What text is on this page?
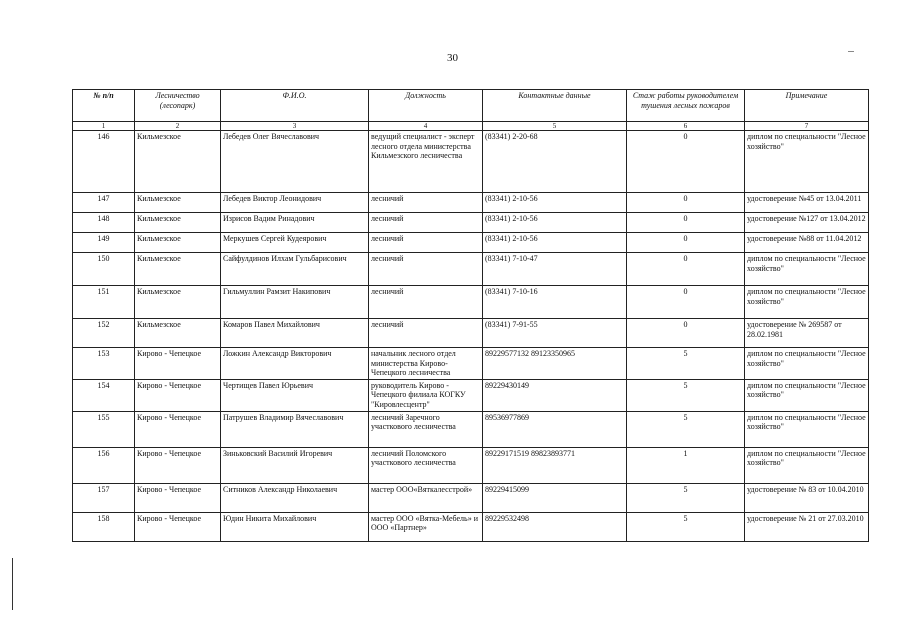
30
№ п/п	Лесничество (лесопарк)	Ф.И.О.	Должность	Контактные данные	Стаж работы руководителем тушения лесных пожаров	Примечание
1	2	3	4	5	6	7
146	Кильмезское	Лебедев Олег Вячеславович	ведущий специалист - эксперт лесного отдела министерства Кильмезского лесничества	(83341) 2-20-68	0	диплом по специальности "Лесное хозяйство"
147	Кильмезское	Лебедев Виктор Леонидович	лесничий	(83341) 2-10-56	0	удостоверение №45 от 13.04.2011
148	Кильмезское	Изрисов Вадим Ринадович	лесничий	(83341) 2-10-56	0	удостоверение №127 от 13.04.2012
149	Кильмезское	Меркушев Сергей Кудеярович	лесничий	(83341) 2-10-56	0	удостоверение №88 от 11.04.2012
150	Кильмезское	Сайфулдинов Илхам Гульбарисович	лесничий	(83341) 7-10-47	0	диплом по специальности "Лесное хозяйство"
151	Кильмезское	Гильмуллин Рамзит Накипович	лесничий	(83341) 7-10-16	0	диплом по специальности "Лесное хозяйство"
152	Кильмезское	Комаров Павел Михайлович	лесничий	(83341) 7-91-55	0	удостоверение № 269587 от 28.02.1981
153	Кирово - Чепецкое	Ложкин Александр Викторович	начальник лесного отдел министерства Кирово-Чепецкого лесничества	89229577132 89123350965	5	диплом по специальности "Лесное хозяйство"
154	Кирово - Чепецкое	Чертищев Павел Юрьевич	руководитель Кирово - Чепецкого филиала КОГКУ "Кировлесцентр"	89229430149	5	диплом по специальности "Лесное хозяйство"
155	Кирово - Чепецкое	Патрушев Владимир Вячеславович	лесничий Заречного участкового лесничества	89536977869	5	диплом по специальности "Лесное хозяйство"
156	Кирово - Чепецкое	Зиньковский Василий Игоревич	лесничий Поломского участкового лесничества	89229171519 89823893771	1	диплом по специальности "Лесное хозяйство"
157	Кирово - Чепецкое	Ситников Александр Николаевич	мастер ООО«Вяткалесстрой»	89229415099	5	удостоверение № 83 от 10.04.2010
158	Кирово - Чепецкое	Юдин Никита Михайлович	мастер ООО «Вятка-Мебель» и ООО «Партнер»	89229532498	5	удостоверение № 21 от 27.03.2010
